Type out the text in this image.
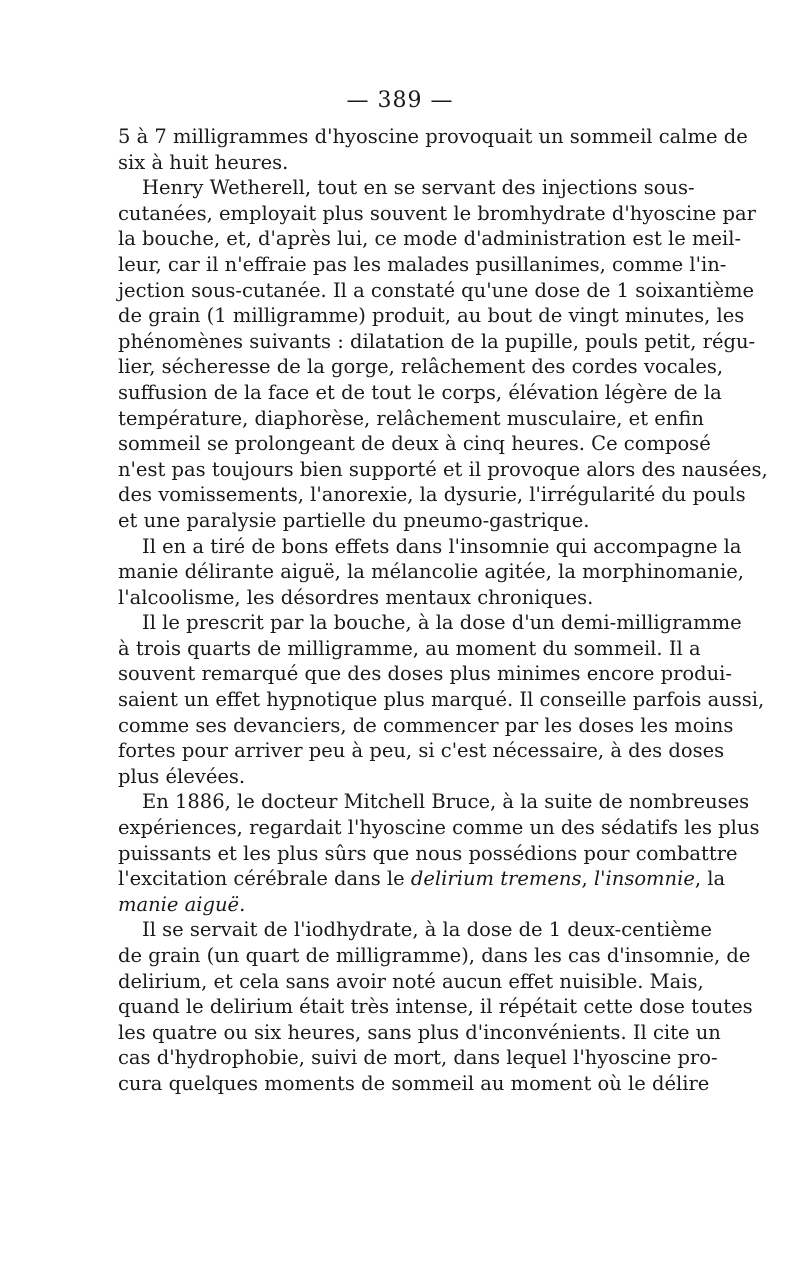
— 389 —
5 à 7 milligrammes d'hyoscine provoquait un sommeil calme de
six à huit heures.
Henry Wetherell, tout en se servant des injections sous-
cutanées, employait plus souvent le bromhydrate d'hyoscine par
la bouche, et, d'après lui, ce mode d'administration est le meil-
leur, car il n'effraie pas les malades pusillanimes, comme l'in-
jection sous-cutanée. Il a constaté qu'une dose de 1 soixantième
de grain (1 milligramme) produit, au bout de vingt minutes, les
phénomènes suivants : dilatation de la pupille, pouls petit, régu-
lier, sécheresse de la gorge, relâchement des cordes vocales,
suffusion de la face et de tout le corps, élévation légère de la
température, diaphorèse, relâchement musculaire, et enfin
sommeil se prolongeant de deux à cinq heures. Ce composé
n'est pas toujours bien supporté et il provoque alors des nausées,
des vomissements, l'anorexie, la dysurie, l'irrégularité du pouls
et une paralysie partielle du pneumo-gastrique.
Il en a tiré de bons effets dans l'insomnie qui accompagne la
manie délirante aiguë, la mélancolie agitée, la morphinomanie,
l'alcoolisme, les désordres mentaux chroniques.
Il le prescrit par la bouche, à la dose d'un demi-milligramme
à trois quarts de milligramme, au moment du sommeil. Il a
souvent remarqué que des doses plus minimes encore produi-
saient un effet hypnotique plus marqué. Il conseille parfois aussi,
comme ses devanciers, de commencer par les doses les moins
fortes pour arriver peu à peu, si c'est nécessaire, à des doses
plus élevées.
En 1886, le docteur Mitchell Bruce, à la suite de nombreuses
expériences, regardait l'hyoscine comme un des sédatifs les plus
puissants et les plus sûrs que nous possédions pour combattre
l'excitation cérébrale dans le delirium tremens, l'insomnie, la
manie aiguë.
Il se servait de l'iodhydrate, à la dose de 1 deux-centième
de grain (un quart de milligramme), dans les cas d'insomnie, de
delirium, et cela sans avoir noté aucun effet nuisible. Mais,
quand le delirium était très intense, il répétait cette dose toutes
les quatre ou six heures, sans plus d'inconvénients. Il cite un
cas d'hydrophobie, suivi de mort, dans lequel l'hyoscine pro-
cura quelques moments de sommeil au moment où le délire
